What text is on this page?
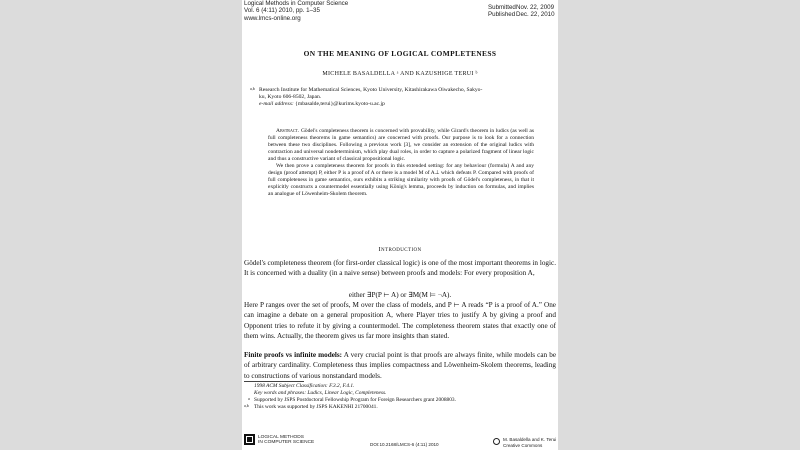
Logical Methods in Computer Science
Vol. 6 (4:11) 2010, pp. 1–35
www.lmcs-online.org
Submitted Nov. 22, 2009
Published Dec. 22, 2010
ON THE MEANING OF LOGICAL COMPLETENESS
MICHELE BASALDELLA ᵃ AND KAZUSHIGE TERUI ᵇ
a,b Research Institute for Mathematical Sciences, Kyoto University, Kitashirakawa Oiwakecho, Sakyo-
ku, Kyoto 606-8502, Japan.
e-mail address: {mbasalde,terui}@kurims.kyoto-u.ac.jp
Abstract. Gödel's completeness theorem is concerned with provability, while Girard's theorem in ludics (as well as full completeness theorems in game semantics) are concerned with proofs. Our purpose is to look for a connection between these two disciplines. Following a previous work [3], we consider an extension of the original ludics with contraction and universal nondeterminism, which play dual roles, in order to capture a polarized fragment of linear logic and thus a constructive variant of classical propositional logic.
We then prove a completeness theorem for proofs in this extended setting: for any behaviour (formula) A and any design (proof attempt) P, either P is a proof of A or there is a model M of A⊥ which defeats P. Compared with proofs of full completeness in game semantics, ours exhibits a striking similarity with proofs of Gödel's completeness, in that it explicitly constructs a countermodel essentially using König's lemma, proceeds by induction on formulas, and implies an analogue of Löwenheim-Skolem theorem.
Introduction
Gödel's completeness theorem (for first-order classical logic) is one of the most important theorems in logic. It is concerned with a duality (in a naive sense) between proofs and models: For every proposition A,
either ∃P(P ⊢ A) or ∃M(M ⊨ ¬A).
Here P ranges over the set of proofs, M over the class of models, and P ⊢ A reads “P is a proof of A.” One can imagine a debate on a general proposition A, where Player tries to justify A by giving a proof and Opponent tries to refute it by giving a countermodel. The completeness theorem states that exactly one of them wins. Actually, the theorem gives us far more insights than stated.
Finite proofs vs infinite models: A very crucial point is that proofs are always finite, while models can be of arbitrary cardinality. Completeness thus implies compactness and Löwenheim-Skolem theorems, leading to constructions of various nonstandard models.
1998 ACM Subject Classification: F.3.2, F.4.1.
Key words and phrases: Ludics, Linear Logic, Completeness.
a Supported by JSPS Postdoctoral Fellowship Program for Foreign Researchers grant 2008803.
a,b This work was supported by JSPS KAKENHI 21700041.
LOGICAL METHODS
IN COMPUTER SCIENCE	DOI:10.2168/LMCS-6 (4:11) 2010
M. Basaldella and K. Terui
Creative Commons
